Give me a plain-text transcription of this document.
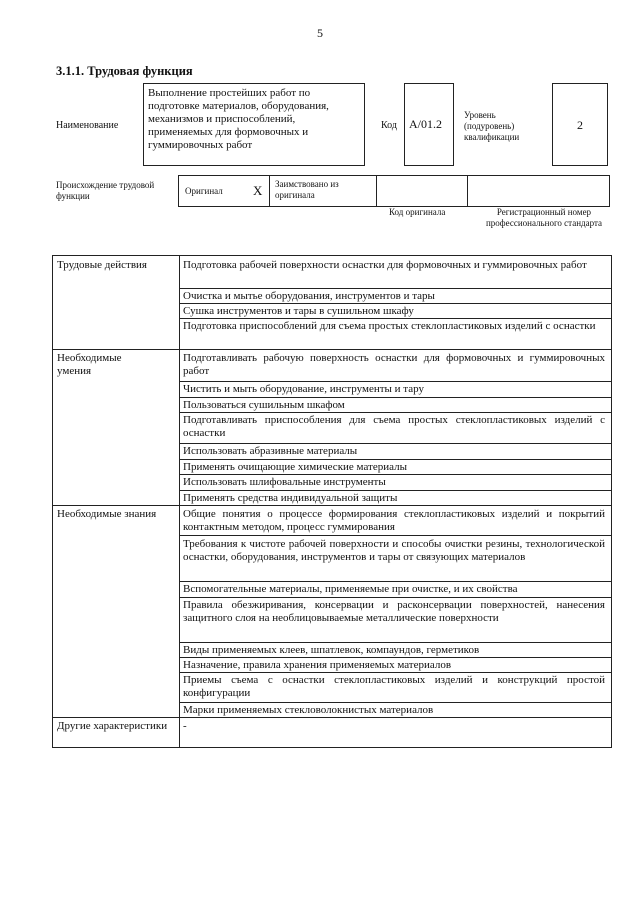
5
3.1.1. Трудовая функция
Наименование
Выполнение простейших работ по подготовке материалов, оборудования, механизмов и приспособлений, применяемых для формовочных и гуммировочных работ
Код A/01.2
Уровень (подуровень) квалификации
2
Происхождение трудовой функции	Оригинал X Заимствовано из оригинала
Код оригинала	Регистрационный номер профессионального стандарта
Трудовые действия
Необходимые умения
Необходимые знания
Другие характеристики
Подготовка рабочей поверхности оснастки для формовочных и гуммировочных работ
Очистка и мытье оборудования, инструментов и тары
Сушка инструментов и тары в сушильном шкафу
Подготовка приспособлений для съема простых стеклопластиковых изделий с оснастки
Подготавливать рабочую поверхность оснастки для формовочных и гуммировочных работ
Чистить и мыть оборудование, инструменты и тару
Пользоваться сушильным шкафом
Подготавливать приспособления для съема простых стеклопластиковых изделий с оснастки
Использовать абразивные материалы
Применять очищающие химические материалы
Использовать шлифовальные инструменты
Применять средства индивидуальной защиты
Общие понятия о процессе формирования стеклопластиковых изделий и покрытий контактным методом, процесс гуммирования
Требования к чистоте рабочей поверхности и способы очистки резины, технологической оснастки, оборудования, инструментов и тары от связующих материалов
Вспомогательные материалы, применяемые при очистке, и их свойства
Правила обезжиривания, консервации и расконсервации поверхностей, нанесения защитного слоя на необлицовываемые металлические поверхности
Виды применяемых клеев, шпатлевок, компаундов, герметиков
Назначение, правила хранения применяемых материалов
Приемы съема с оснастки стеклопластиковых изделий и конструкций простой конфигурации
Марки применяемых стекловолокнистых материалов
-
